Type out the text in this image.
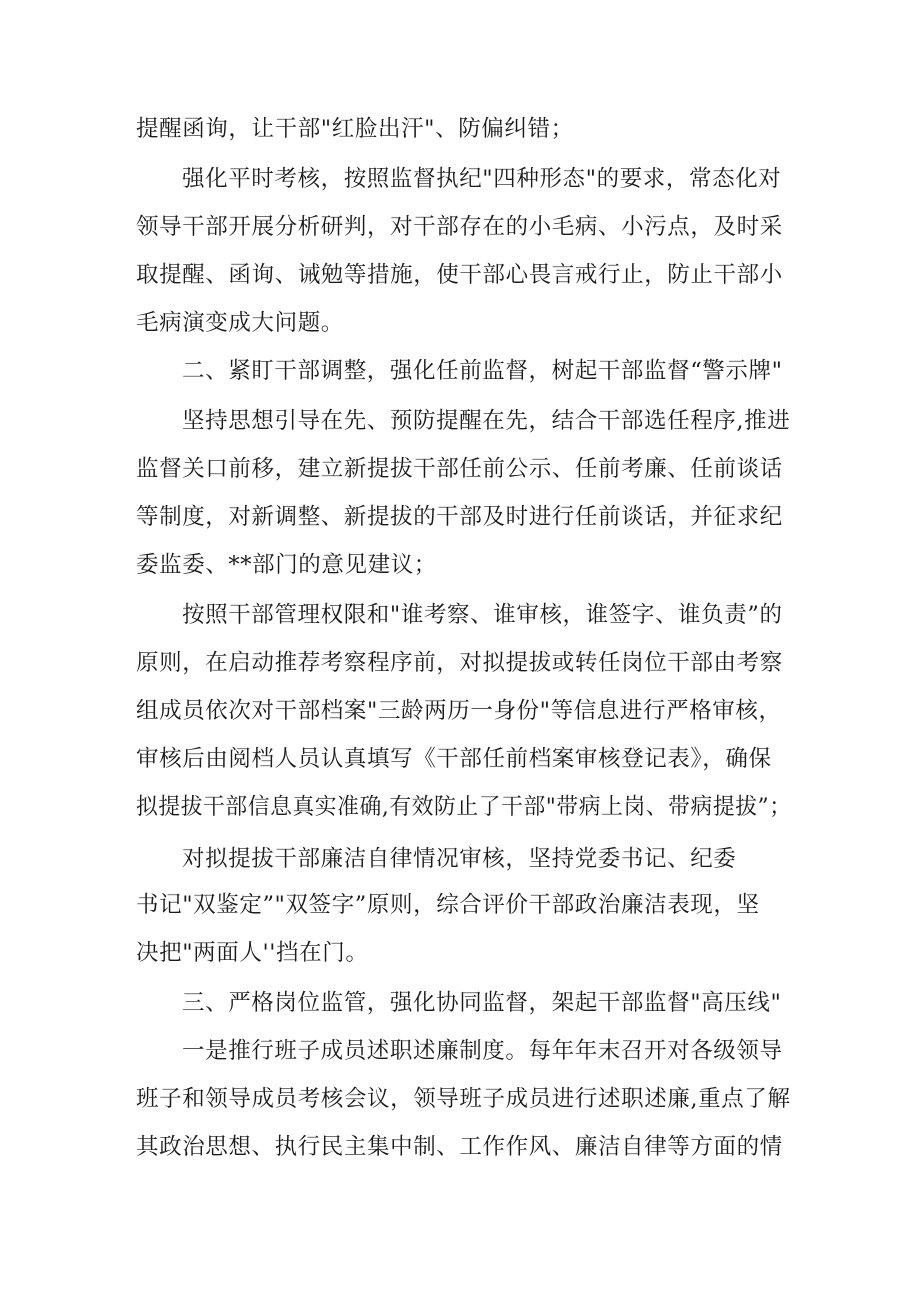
提醒函询，让干部"红脸出汗"、防偏纠错；
强化平时考核，按照监督执纪"四种形态"的要求，常态化对
领导干部开展分析研判，对干部存在的小毛病、小污点，及时采
取提醒、函询、诫勉等措施，使干部心畏言戒行止，防止干部小
毛病演变成大问题。
二、紧盯干部调整，强化任前监督，树起干部监督“警示牌"
坚持思想引导在先、预防提醒在先，结合干部选任程序,推进
监督关口前移，建立新提拔干部任前公示、任前考廉、任前谈话
等制度，对新调整、新提拔的干部及时进行任前谈话，并征求纪
委监委、**部门的意见建议；
按照干部管理权限和"谁考察、谁审核，谁签字、谁负责”的
原则，在启动推荐考察程序前，对拟提拔或转任岗位干部由考察
组成员依次对干部档案"三龄两历一身份"等信息进行严格审核，
审核后由阅档人员认真填写《干部任前档案审核登记表》，确保
拟提拔干部信息真实准确,有效防止了干部"带病上岗、带病提拔”；
对拟提拔干部廉洁自律情况审核，坚持党委书记、纪委
书记"双鉴定”"双签字”原则，综合评价干部政治廉洁表现，坚
决把"两面人''挡在门。
三、严格岗位监管，强化协同监督，架起干部监督"高压线"
一是推行班子成员述职述廉制度。每年年末召开对各级领导
班子和领导成员考核会议，领导班子成员进行述职述廉,重点了解
其政治思想、执行民主集中制、工作作风、廉洁自律等方面的情
